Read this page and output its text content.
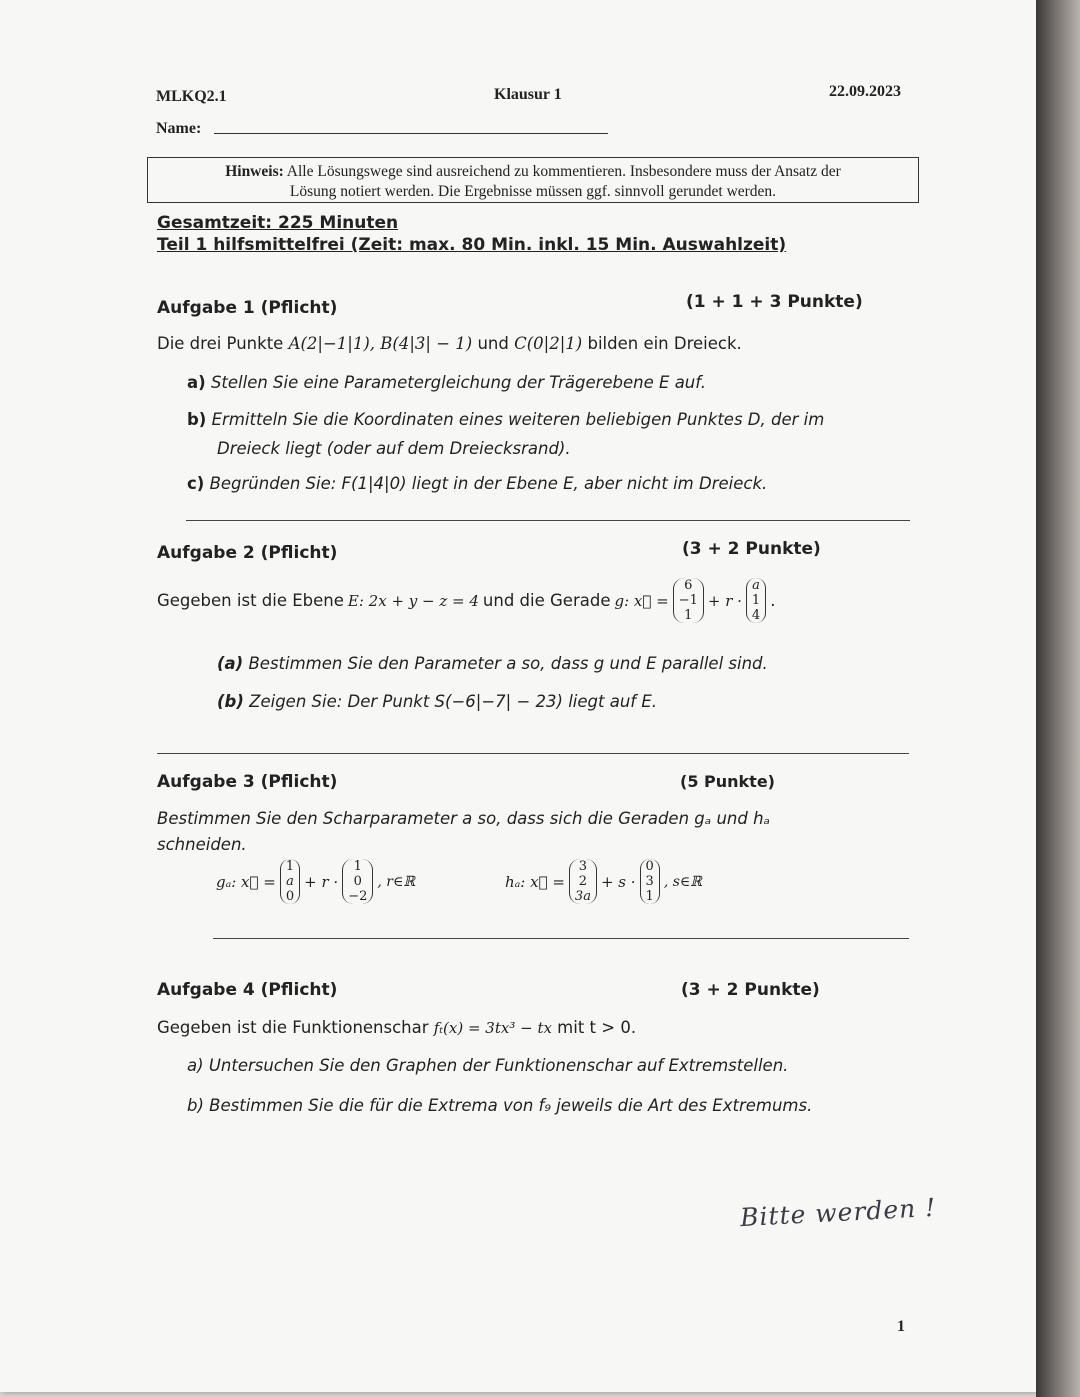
MLKQ2.1	Klausur 1	22.09.2023
Name:
Hinweis: Alle Lösungswege sind ausreichend zu kommentieren. Insbesondere muss der Ansatz der
Lösung notiert werden. Die Ergebnisse müssen ggf. sinnvoll gerundet werden.
Gesamtzeit: 225 Minuten
Teil 1 hilfsmittelfrei (Zeit: max. 80 Min. inkl. 15 Min. Auswahlzeit)
Aufgabe 1 (Pflicht)	(1 + 1 + 3 Punkte)
Die drei Punkte A(2|−1|1), B(4|3| − 1) und C(0|2|1) bilden ein Dreieck.
a) Stellen Sie eine Parametergleichung der Trägerebene E auf.
b) Ermitteln Sie die Koordinaten eines weiteren beliebigen Punktes D, der im
Dreieck liegt (oder auf dem Dreiecksrand).
c) Begründen Sie: F(1|4|0) liegt in der Ebene E, aber nicht im Dreieck.
Aufgabe 2 (Pflicht)	(3 + 2 Punkte)
Gegeben ist die Ebene E: 2x + y − z = 4 und die Gerade g: x⃗ =
6
−1
1
+ r ·
a
1
4
.
(a) Bestimmen Sie den Parameter a so, dass g und E parallel sind.
(b) Zeigen Sie: Der Punkt S(−6|−7| − 23) liegt auf E.
Aufgabe 3 (Pflicht)	(5 Punkte)
Bestimmen Sie den Scharparameter a so, dass sich die Geraden gₐ und hₐ
schneiden.
gₐ: x⃗ =
1
a
0
+ r ·
1
0
−2
, r∈ℝ	hₐ: x⃗ =
3
2
3a
+ s ·
0
3
1
, s∈ℝ
Aufgabe 4 (Pflicht)	(3 + 2 Punkte)
Gegeben ist die Funktionenschar fₜ(x) = 3tx³ − tx mit t > 0.
a) Untersuchen Sie den Graphen der Funktionenschar auf Extremstellen.
b) Bestimmen Sie die für die Extrema von f₉ jeweils die Art des Extremums.
Bitte werden !
1
